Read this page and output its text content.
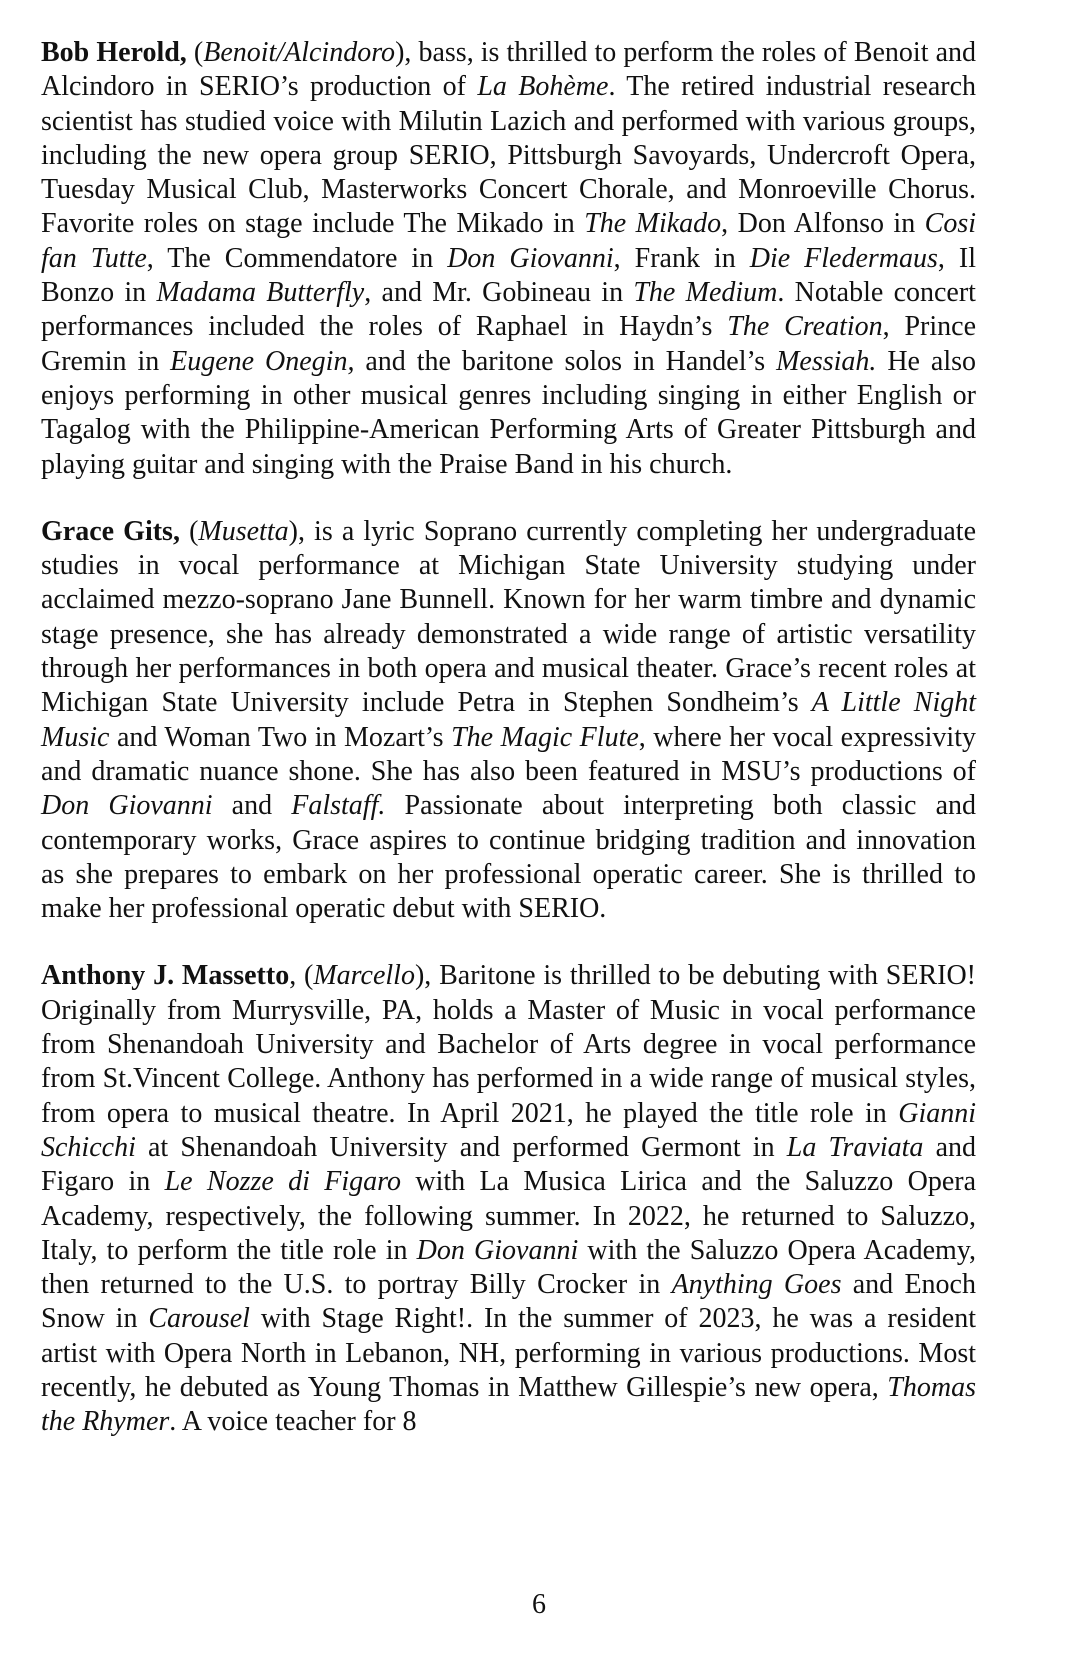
Bob Herold, (Benoit/Alcindoro), bass, is thrilled to perform the roles of Benoit and Alcindoro in SERIO’s production of La Bohème. The retired industrial research scientist has studied voice with Milutin Lazich and performed with various groups, including the new opera group SERIO, Pittsburgh Savoyards, Undercroft Opera, Tuesday Musical Club, Masterworks Concert Chorale, and Monroeville Chorus. Favorite roles on stage include The Mikado in The Mikado, Don Alfonso in Cosi fan Tutte, The Commendatore in Don Giovanni, Frank in Die Fledermaus, Il Bonzo in Madama Butterfly, and Mr. Gobineau in The Medium. Notable concert performances included the roles of Raphael in Haydn’s The Creation, Prince Gremin in Eugene Onegin, and the baritone solos in Handel’s Messiah. He also enjoys performing in other musical genres including singing in either English or Tagalog with the Philippine-American Performing Arts of Greater Pittsburgh and playing guitar and singing with the Praise Band in his church.

Grace Gits, (Musetta), is a lyric Soprano currently completing her undergraduate studies in vocal performance at Michigan State University studying under acclaimed mezzo-soprano Jane Bunnell. Known for her warm timbre and dynamic stage presence, she has already demonstrated a wide range of artistic versatility through her performances in both opera and musical theater. Grace’s recent roles at Michigan State University include Petra in Stephen Sondheim’s A Little Night Music and Woman Two in Mozart’s The Magic Flute, where her vocal expressivity and dramatic nuance shone. She has also been featured in MSU’s productions of Don Giovanni and Falstaff. Passionate about interpreting both classic and contemporary works, Grace aspires to continue bridging tradition and innovation as she prepares to embark on her professional operatic career. She is thrilled to make her professional operatic debut with SERIO.

Anthony J. Massetto, (Marcello), Baritone is thrilled to be debuting with SERIO! Originally from Murrysville, PA, holds a Master of Music in vocal performance from Shenandoah University and Bachelor of Arts degree in vocal performance from St.Vincent College. Anthony has performed in a wide range of musical styles, from opera to musical theatre. In April 2021, he played the title role in Gianni Schicchi at Shenandoah University and performed Germont in La Traviata and Figaro in Le Nozze di Figaro with La Musica Lirica and the Saluzzo Opera Academy, respectively, the following summer. In 2022, he returned to Saluzzo, Italy, to perform the title role in Don Giovanni with the Saluzzo Opera Academy, then returned to the U.S. to portray Billy Crocker in Anything Goes and Enoch Snow in Carousel with Stage Right!. In the summer of 2023, he was a resident artist with Opera North in Lebanon, NH, performing in various productions. Most recently, he debuted as Young Thomas in Matthew Gillespie’s new opera, Thomas the Rhymer. A voice teacher for 8

6
